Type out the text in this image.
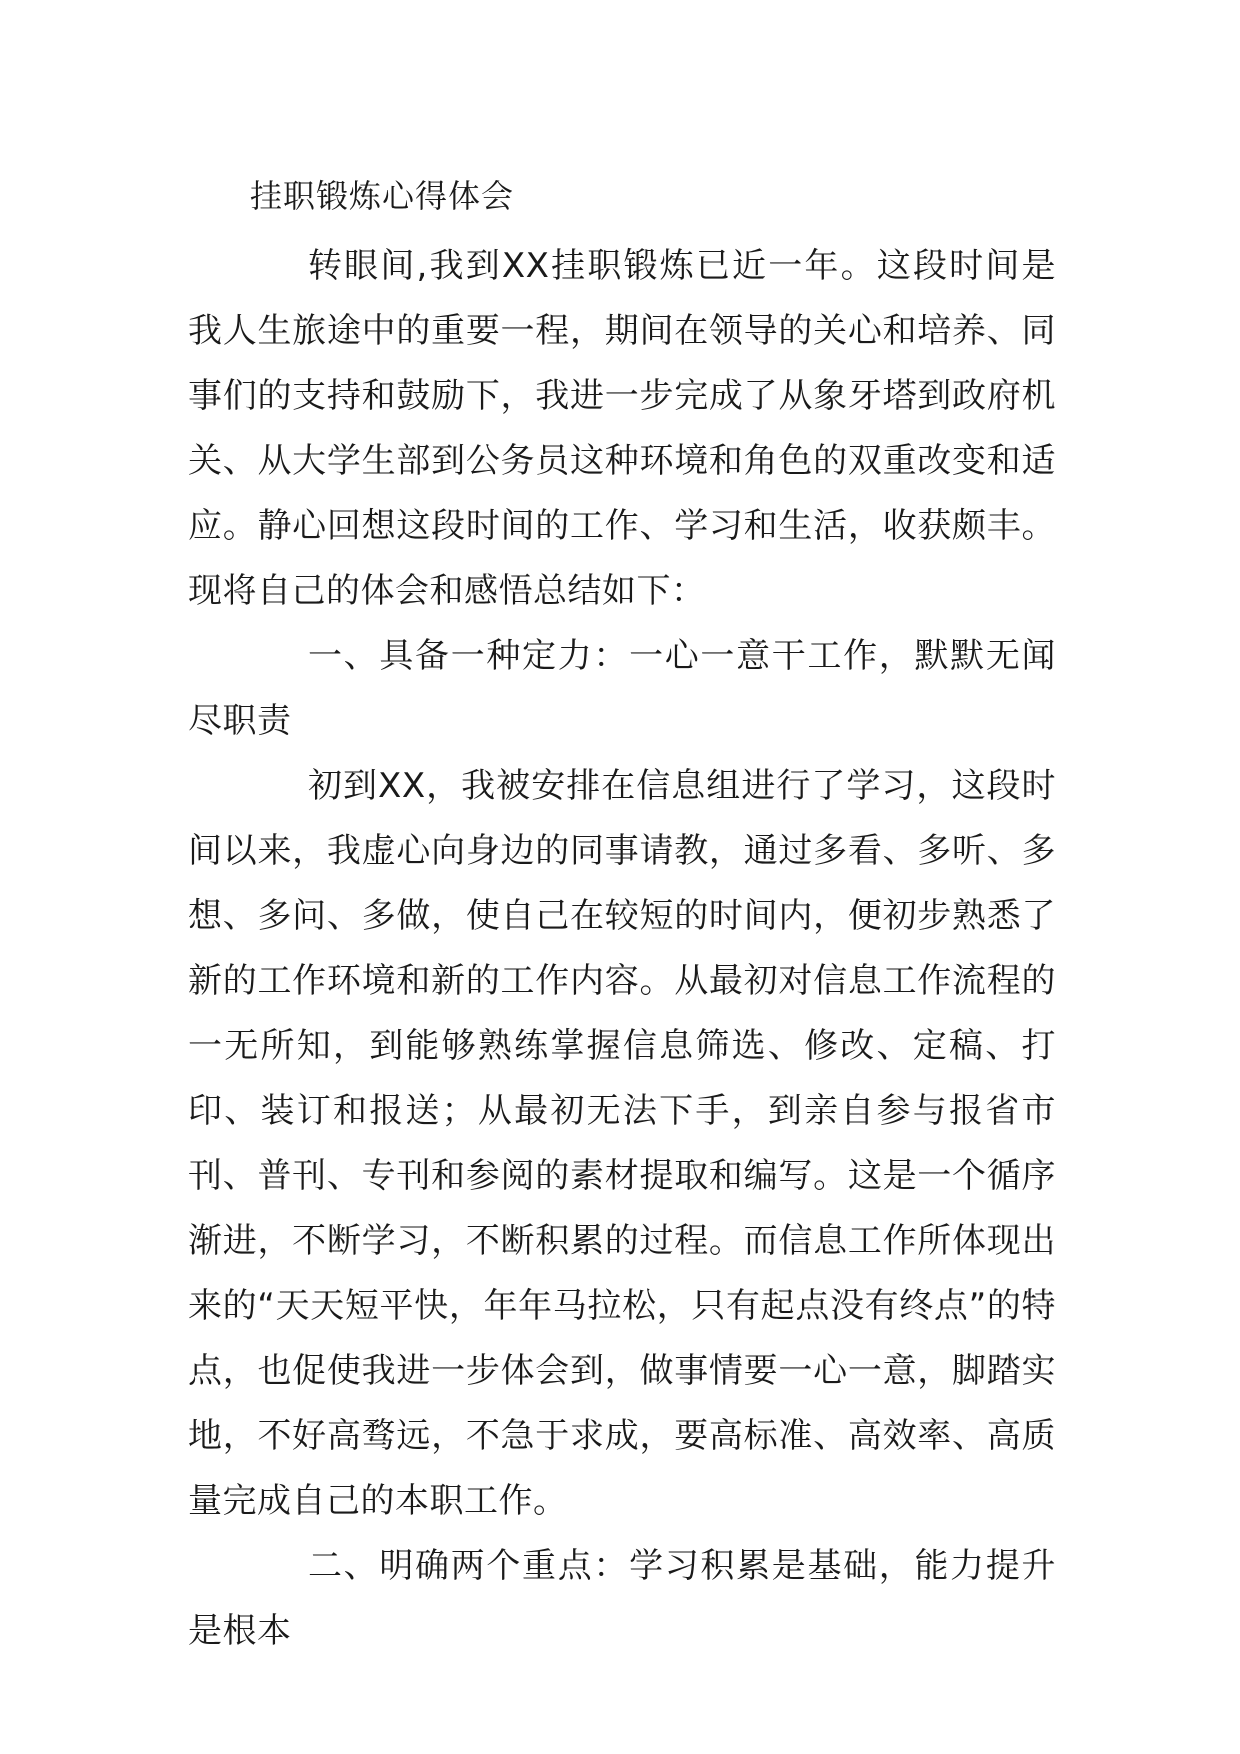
挂职锻炼心得体会

转眼间,我到XX挂职锻炼已近一年。这段时间是我人生旅途中的重要一程，期间在领导的关心和培养、同事们的支持和鼓励下，我进一步完成了从象牙塔到政府机关、从大学生部到公务员这种环境和角色的双重改变和适应。静心回想这段时间的工作、学习和生活，收获颇丰。现将自己的体会和感悟总结如下：

一、具备一种定力：一心一意干工作，默默无闻尽职责

初到XX，我被安排在信息组进行了学习，这段时间以来，我虚心向身边的同事请教，通过多看、多听、多想、多问、多做，使自己在较短的时间内，便初步熟悉了新的工作环境和新的工作内容。从最初对信息工作流程的一无所知，到能够熟练掌握信息筛选、修改、定稿、打印、装订和报送；从最初无法下手，到亲自参与报省市刊、普刊、专刊和参阅的素材提取和编写。这是一个循序渐进，不断学习，不断积累的过程。而信息工作所体现出来的“天天短平快，年年马拉松，只有起点没有终点”的特点，也促使我进一步体会到，做事情要一心一意，脚踏实地，不好高骛远，不急于求成，要高标准、高效率、高质量完成自己的本职工作。

二、明确两个重点：学习积累是基础，能力提升是根本
